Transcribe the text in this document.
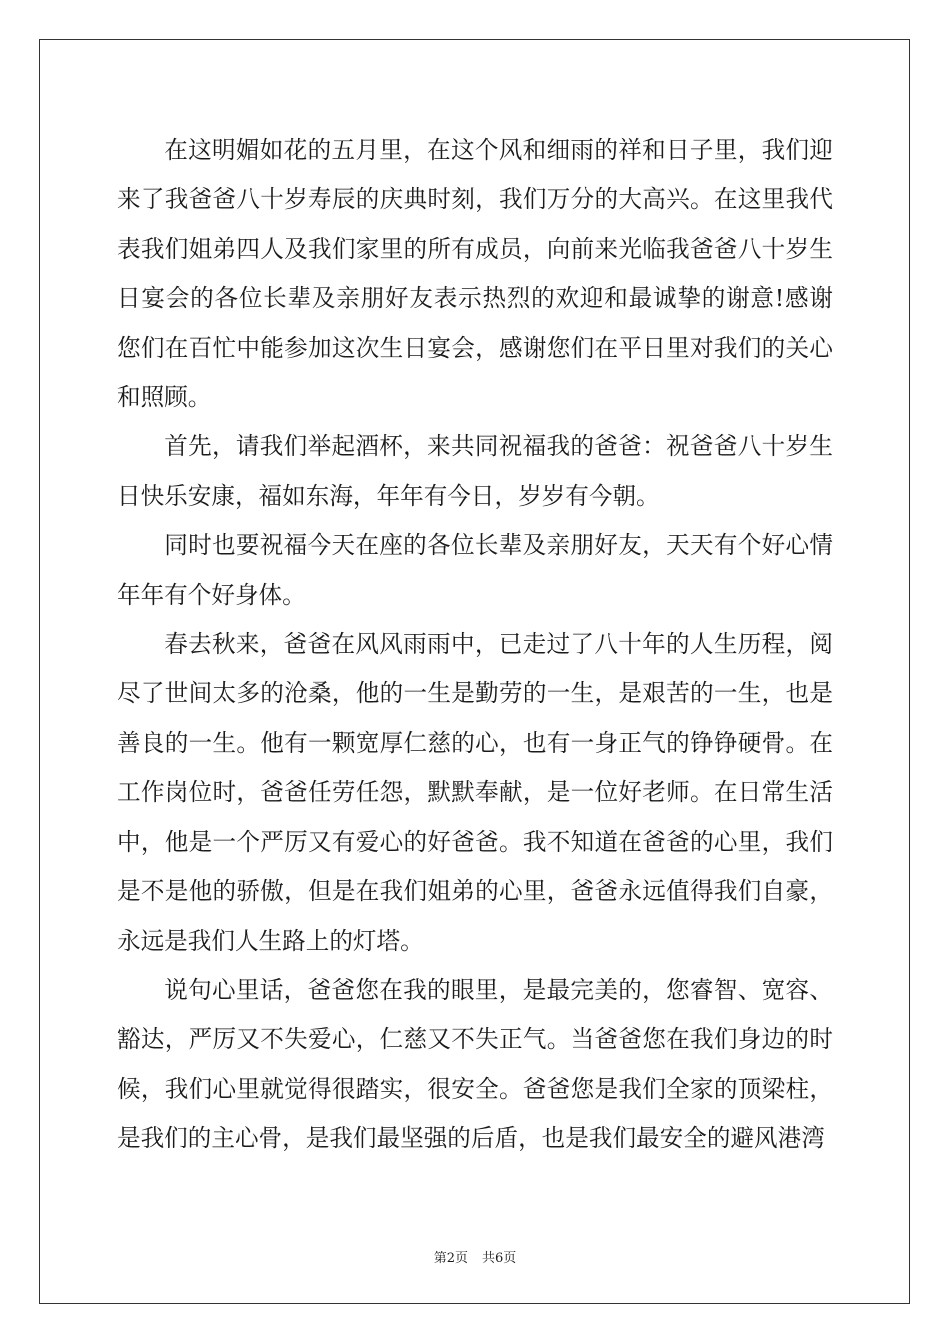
在这明媚如花的五月里，在这个风和细雨的祥和日子里，我们迎来了我爸爸八十岁寿辰的庆典时刻，我们万分的大高兴。在这里我代表我们姐弟四人及我们家里的所有成员，向前来光临我爸爸八十岁生日宴会的各位长辈及亲朋好友表示热烈的欢迎和最诚挚的谢意!感谢您们在百忙中能参加这次生日宴会，感谢您们在平日里对我们的关心和照顾。

首先，请我们举起酒杯，来共同祝福我的爸爸：祝爸爸八十岁生日快乐安康，福如东海，年年有今日，岁岁有今朝。

同时也要祝福今天在座的各位长辈及亲朋好友，天天有个好心情年年有个好身体。

春去秋来，爸爸在风风雨雨中，已走过了八十年的人生历程，阅尽了世间太多的沧桑，他的一生是勤劳的一生，是艰苦的一生，也是善良的一生。他有一颗宽厚仁慈的心，也有一身正气的铮铮硬骨。在工作岗位时，爸爸任劳任怨，默默奉献，是一位好老师。在日常生活中，他是一个严厉又有爱心的好爸爸。我不知道在爸爸的心里，我们是不是他的骄傲，但是在我们姐弟的心里，爸爸永远值得我们自豪，永远是我们人生路上的灯塔。

说句心里话，爸爸您在我的眼里，是最完美的，您睿智、宽容、豁达，严厉又不失爱心，仁慈又不失正气。当爸爸您在我们身边的时候，我们心里就觉得很踏实，很安全。爸爸您是我们全家的顶梁柱，是我们的主心骨，是我们最坚强的后盾，也是我们最安全的避风港湾

第2页 共6页
